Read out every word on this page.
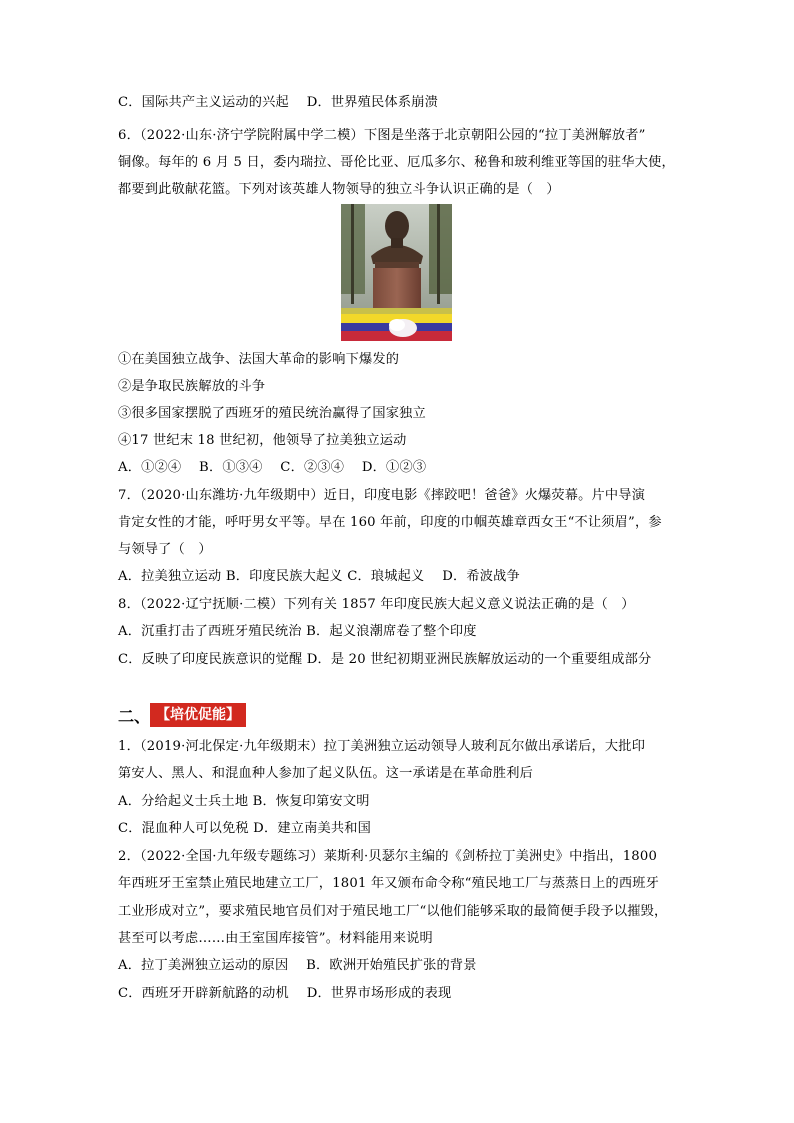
C．国际共产主义运动的兴起　 D．世界殖民体系崩溃
6．（2022·山东·济宁学院附属中学二模）下图是坐落于北京朝阳公园的“拉丁美洲解放者”
铜像。每年的 6 月 5 日，委内瑞拉、哥伦比亚、厄瓜多尔、秘鲁和玻利维亚等国的驻华大使，
都要到此敬献花篮。下列对该英雄人物领导的独立斗争认识正确的是（　）
①在美国独立战争、法国大革命的影响下爆发的
②是争取民族解放的斗争
③很多国家摆脱了西班牙的殖民统治赢得了国家独立
④17 世纪末 18 世纪初，他领导了拉美独立运动
A．①②④　 B．①③④　 C．②③④　 D．①②③
7．（2020·山东潍坊·九年级期中）近日，印度电影《摔跤吧！爸爸》火爆荧幕。片中导演
肯定女性的才能，呼吁男女平等。早在 160 年前，印度的巾帼英雄章西女王“不让须眉”，参
与领导了（　）
A．拉美独立运动 B．印度民族大起义 C．琅城起义　 D．希波战争
8．（2022·辽宁抚顺·二模）下列有关 1857 年印度民族大起义意义说法正确的是（　）
A．沉重打击了西班牙殖民统治 B．起义浪潮席卷了整个印度
C．反映了印度民族意识的觉醒 D．是 20 世纪初期亚洲民族解放运动的一个重要组成部分
二、 【培优促能】
1．（2019·河北保定·九年级期末）拉丁美洲独立运动领导人玻利瓦尔做出承诺后，大批印
第安人、黑人、和混血种人参加了起义队伍。这一承诺是在革命胜利后
A．分给起义士兵土地 B．恢复印第安文明
C．混血种人可以免税 D．建立南美共和国
2．（2022·全国·九年级专题练习）莱斯利·贝瑟尔主编的《剑桥拉丁美洲史》中指出，1800
年西班牙王室禁止殖民地建立工厂，1801 年又颁布命令称“殖民地工厂与蒸蒸日上的西班牙
工业形成对立”，要求殖民地官员们对于殖民地工厂“以他们能够采取的最简便手段予以摧毁，
甚至可以考虑……由王室国库接管”。材料能用来说明
A．拉丁美洲独立运动的原因　 B．欧洲开始殖民扩张的背景
C．西班牙开辟新航路的动机　 D．世界市场形成的表现
